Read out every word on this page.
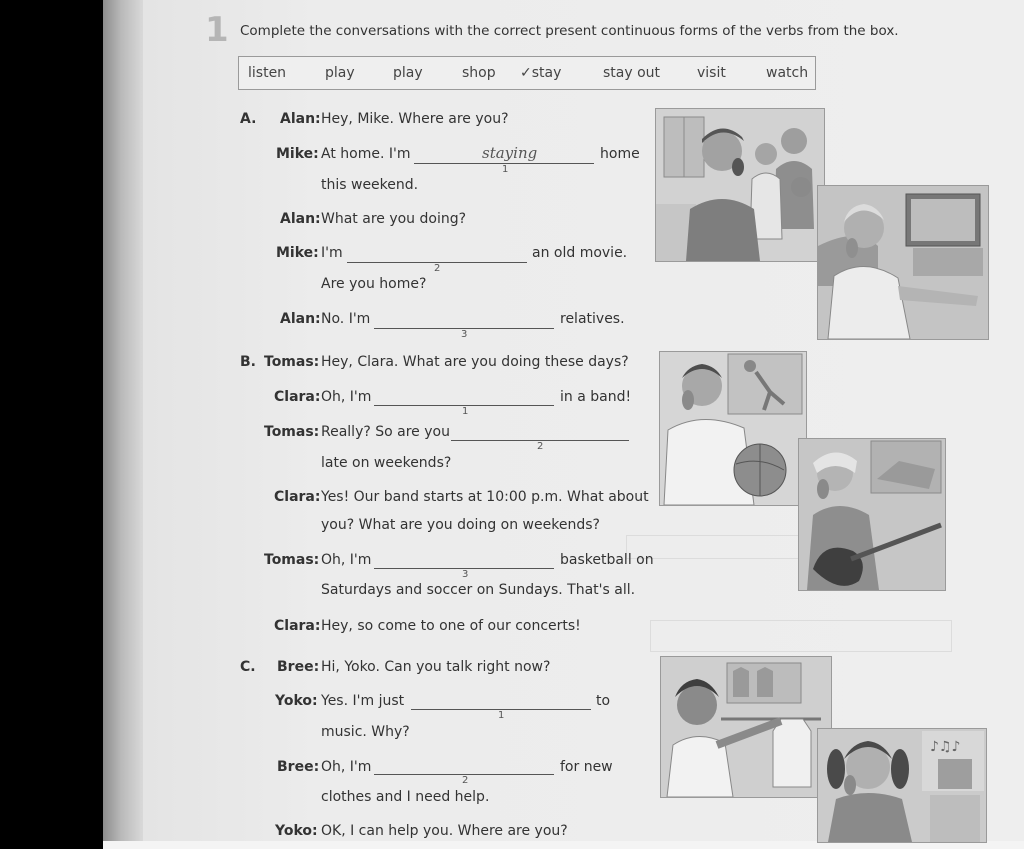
1 Complete the conversations with the correct present continuous forms of the verbs from the box.
listen	play	play	shop ✓stay	stay out	visit	watch
A. Alan: Hey, Mike. Where are you?
Mike: At home. I'm	staying
1
home
this weekend.
Alan: What are you doing?
Mike: I'm
2
an old movie.
Are you home?
Alan: No. I'm
3
relatives.
B. Tomas: Hey, Clara. What are you doing these days?
Clara: Oh, I'm
1
in a band!
Tomas: Really? So are you
2
late on weekends?
Clara: Yes! Our band starts at 10:00 p.m. What about
you? What are you doing on weekends?
Tomas: Oh, I'm
3
basketball on
Saturdays and soccer on Sundays. That's all.
Clara: Hey, so come to one of our concerts!
C. Bree: Hi, Yoko. Can you talk right now?
Yoko: Yes. I'm just
1
to
music. Why?
Bree: Oh, I'm
2
for new
clothes and I need help.
Yoko: OK, I can help you. Where are you?
♪♫♪
